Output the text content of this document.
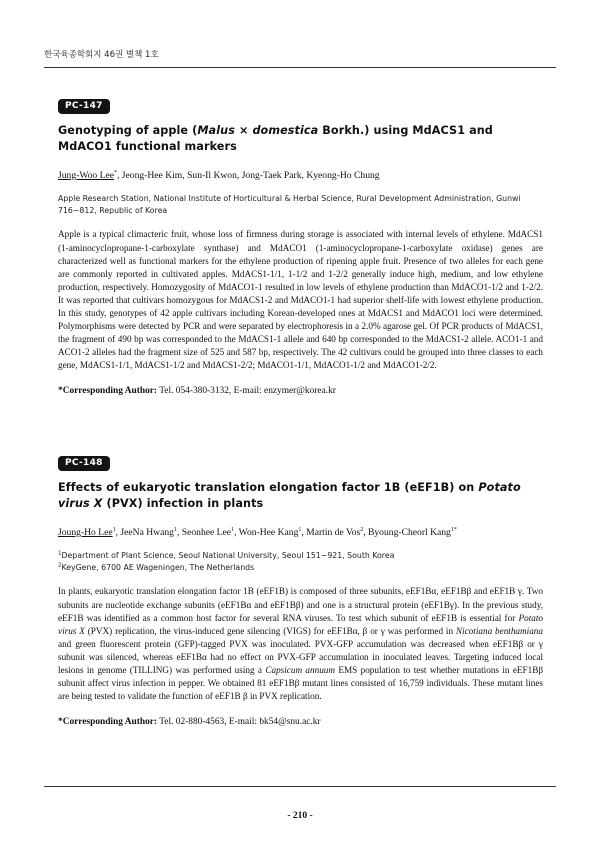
한국육종학회지 46권 별책 1호
PC-147
Genotyping of apple (Malus × domestica Borkh.) using MdACS1 and MdACO1 functional markers
Jung-Woo Lee*, Jeong-Hee Kim, Sun-Il Kwon, Jong-Taek Park, Kyeong-Ho Chung
Apple Research Station, National Institute of Horticultural & Herbal Science, Rural Development Administration, Gunwi 716−812, Republic of Korea
Apple is a typical climacteric fruit, whose loss of firmness during storage is associated with internal levels of ethylene. MdACS1 (1-aminocyclopropane-1-carboxylate synthase) and MdACO1 (1-aminocyclopropane-1-carboxylate oxidase) genes are characterized well as functional markers for the ethylene production of ripening apple fruit. Presence of two alleles for each gene are commonly reported in cultivated apples. MdACS1-1/1, 1-1/2 and 1-2/2 generally induce high, medium, and low ethylene production, respectively. Homozygosity of MdACO1-1 resulted in low levels of ethylene production than MdACO1-1/2 and 1-2/2. It was reported that cultivars homozygous for MdACS1-2 and MdACO1-1 had superior shelf-life with lowest ethylene production. In this study, genotypes of 42 apple cultivars including Korean-developed ones at MdACS1 and MdACO1 loci were determined. Polymorphisms were detected by PCR and were separated by electrophoresis in a 2.0% agarose gel. Of PCR products of MdACS1, the fragment of 490 bp was corresponded to the MdACS1-1 allele and 640 bp corresponded to the MdACS1-2 allele. ACO1-1 and ACO1-2 alleles had the fragment size of 525 and 587 bp, respectively. The 42 cultivars could be grouped into three classes to each gene, MdACS1-1/1, MdACS1-1/2 and MdACS1-2/2; MdACO1-1/1, MdACO1-1/2 and MdACO1-2/2.
*Corresponding Author: Tel. 054-380-3132, E-mail: enzymer@korea.kr
PC-148
Effects of eukaryotic translation elongation factor 1B (eEF1B) on Potato virus X (PVX) infection in plants
Joung-Ho Lee$^1$, JeeNa Hwang$^1$, Seonhee Lee$^1$, Won-Hee Kang$^1$, Martin de Vos$^2$, Byoung-Cheorl Kang$^{1*}$
$^1$Department of Plant Science, Seoul National University, Seoul 151−921, South Korea
$^2$KeyGene, 6700 AE Wageningen, The Netherlands
In plants, eukaryotic translation elongation factor 1B (eEF1B) is composed of three subunits, eEF1Bα, eEF1Bβ and eEF1B γ. Two subunits are nucleotide exchange subunits (eEF1Bα and eEF1Bβ) and one is a structural protein (eEF1Bγ). In the previous study, eEF1B was identified as a common host factor for several RNA viruses. To test which subunit of eEF1B is essential for Potato virus X (PVX) replication, the virus-induced gene silencing (VIGS) for eEF1Bα, β or γ was performed in Nicotiana benthamiana and green fluorescent protein (GFP)-tagged PVX was inoculated. PVX-GFP accumulation was decreased when eEF1Bβ or γ subunit was silenced, whereas eEF1Bα had no effect on PVX-GFP accumulation in inoculated leaves. Targeting induced local lesions in genome (TILLING) was performed using a Capsicum annuum EMS population to test whether mutations in eEF1Bβ subunit affect virus infection in pepper. We obtained 81 eEF1Bβ mutant lines consisted of 16,759 individuals. These mutant lines are being tested to validate the function of eEF1B β in PVX replication.
*Corresponding Author: Tel. 02-880-4563, E-mail: bk54@snu.ac.kr
- 210 -
